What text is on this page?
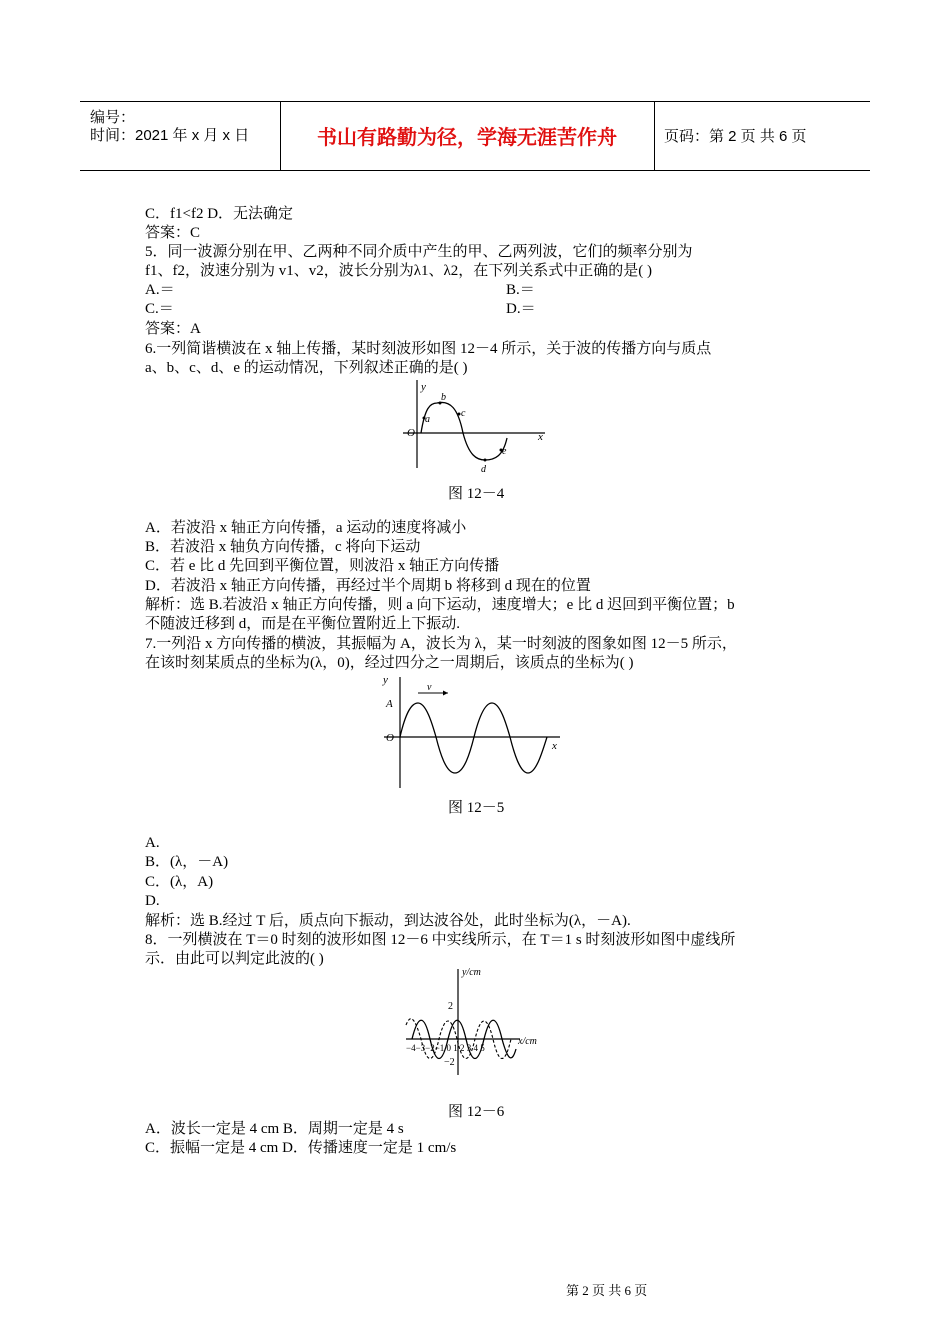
编号：
时间：2021 年 x 月 x 日	书山有路勤为径，学海无涯苦作舟	页码：第 2 页 共 6 页
C．f1<f2 D．无法确定
答案：C
5．同一波源分别在甲、乙两种不同介质中产生的甲、乙两列波，它们的频率分别为
f1、f2，波速分别为 v1、v2，波长分别为λ1、λ2，在下列关系式中正确的是( )
A.＝	B.＝
C.＝	D.＝
答案：A
6.一列简谐横波在 x 轴上传播，某时刻波形如图 12－4 所示，关于波的传播方向与质点
a、b、c、d、e 的运动情况，下列叙述正确的是( )
y
x
O
a
b
c
d
e
图 12－4
A．若波沿 x 轴正方向传播，a 运动的速度将减小
B．若波沿 x 轴负方向传播，c 将向下运动
C．若 e 比 d 先回到平衡位置，则波沿 x 轴正方向传播
D．若波沿 x 轴正方向传播，再经过半个周期 b 将移到 d 现在的位置
解析：选 B.若波沿 x 轴正方向传播，则 a 向下运动，速度增大；e 比 d 迟回到平衡位置；b
不随波迁移到 d，而是在平衡位置附近上下振动.
7.一列沿 x 方向传播的横波，其振幅为 A，波长为 λ，某一时刻波的图象如图 12－5 所示，
在该时刻某质点的坐标为(λ，0)，经过四分之一周期后，该质点的坐标为( )
v
y
x
O
A
图 12－5
A.
B．(λ，－A)
C．(λ，A)
D.
解析：选 B.经过 T 后，质点向下振动，到达波谷处，此时坐标为(λ，－A).
8．一列横波在 T＝0 时刻的波形如图 12－6 中实线所示，在 T＝1 s 时刻波形如图中虚线所
示．由此可以判定此波的( )
y/cm
x/cm
2
−2
−4−3−2−1 0 1 2 3 4 5
图 12－6
A．波长一定是 4 cm B．周期一定是 4 s
C．振幅一定是 4 cm D．传播速度一定是 1 cm/s
第 2 页 共 6 页
